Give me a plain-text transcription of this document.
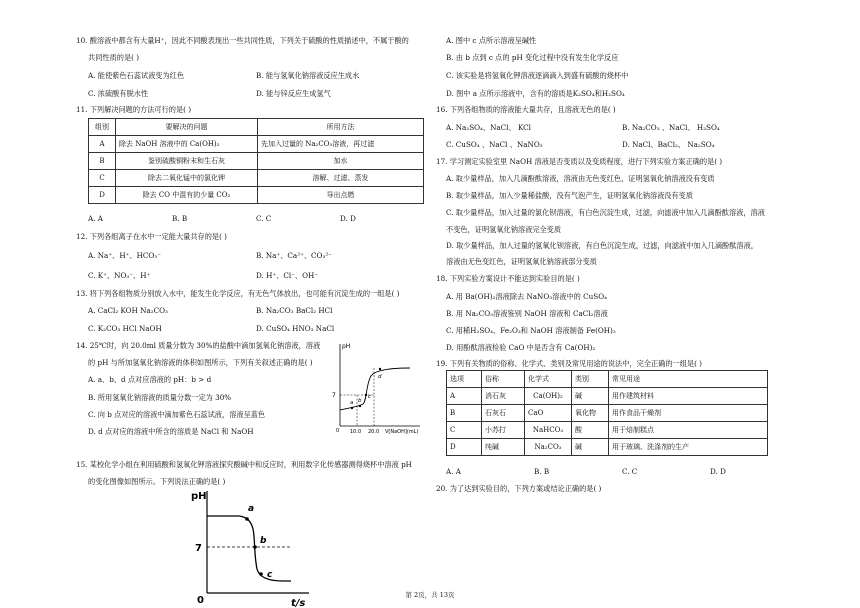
10. 酸溶液中都含有大量H⁺，因此不同酸表现出一些共同性质，下列关于硫酸的性质描述中，不属于酸的
共同性质的是( )
A. 能使紫色石蕊试液变为红色	B. 能与氢氧化钠溶液反应生成水
C. 浓硫酸有脱水性	D. 能与锌反应生成氢气
11. 下列解决问题的方法可行的是( )
组别	要解决的问题	所用方法
A	除去 NaOH 溶液中的 Ca(OH)₂	先加入过量的 Na₂CO₃溶液，再过滤
B	鉴别硫酸铜粉末和生石灰	加水
C	除去二氧化锰中的氯化钾	溶解、过滤、蒸发
D	除去 CO 中混有的少量 CO₂	导出点燃
A. A	B. B	C. C	D. D
12. 下列各组离子在水中一定能大量共存的是( )
A. Na⁺、H⁺、HCO₃⁻	B. Na⁺、Ca²⁺、CO₃²⁻
C. K⁺、NO₃⁻、H⁺	D. H⁺、Cl⁻、OH⁻
13. 将下列各组物质分别放入水中，能发生化学反应，有无色气体放出，也可能有沉淀生成的一组是( )
A. CaCl₂ KOH Na₂CO₃	B. Na₂CO₃ BaCl₂ HCl
C. K₂CO₃ HCl NaOH	D. CuSO₄ HNO₃ NaCl
14. 25℃时，向 20.0ml 质量分数为 30%的盐酸中滴加氢氧化钠溶液，溶液
的 pH 与所加氢氧化钠溶液的体积如图所示，下列有关叙述正确的是( )
A. a、b、d 点对应溶液的 pH：b > d
B. 所用氢氧化钠溶液的质量分数一定为 30%
C. 向 b 点对应的溶液中滴加紫色石蕊试液，溶液呈蓝色
D. d 点对应的溶液中所含的溶质是 NaCl 和 NaOH
pH
7
a b
c
d
0 10.0 20.0 V[NaOH](mL)
15. 某校化学小组在利用硫酸和氢氧化钾溶液探究酸碱中和反应时，利用数字化传感器测得烧杯中溶液 pH
的变化图像如图所示。下列说法正确的是( )
pH
7
0	t/s
a
b
c
A. 图中 c 点所示溶液呈碱性
B. 由 b 点到 c 点的 pH 变化过程中没有发生化学反应
C. 该实验是将氢氧化钾溶液逐滴滴入到盛有硫酸的烧杯中
D. 图中 a 点所示溶液中，含有的溶质是K₂SO₄和H₂SO₄
16. 下列各组物质的溶液能大量共存，且溶液无色的是( )
A. Na₂SO₄、NaCl、 KCl	B. Na₂CO₃ 、NaCl、 H₂SO₄
C. CuSO₄ 、NaCl 、NaNO₃	D. NaCl、BaCl₂、 Na₂SO₄
17. 学习测定实验室里 NaOH 溶液是否变质以及变质程度，进行下列实验方案正确的是( )
A. 取少量样品，加入几滴酚酞溶液，溶液由无色变红色，证明氢氧化钠溶液没有变质
B. 取少量样品，加入少量稀盐酸，没有气泡产生，证明氢氧化钠溶液没有变质
C. 取少量样品，加入过量的氯化钡溶液，有白色沉淀生成，过滤，向滤液中加入几滴酚酞溶液，溶液
不变色，证明氢氧化钠溶液完全变质
D. 取少量样品，加入过量的氢氧化钡溶液，有白色沉淀生成，过滤，向滤液中加入几滴酚酞溶液，
溶液由无色变红色，证明氢氧化钠溶液部分变质
18. 下列实验方案设计不能达到实验目的是( )
A. 用 Ba(OH)₂溶液除去 NaNO₃溶液中的 CuSO₄
B. 用 Na₂CO₃溶液鉴别 NaOH 溶液和 CaCl₂溶液
C. 用稀H₂SO₄、Fe₂O₃和 NaOH 溶液制备 Fe(OH)₃
D. 用酚酞溶液检验 CaO 中是否含有 Ca(OH)₂
19. 下列有关物质的俗称、化学式、类别及常见用途的说法中，完全正确的一组是( )
选项	俗称	化学式	类别	常见用途
A	消石灰	Ca(OH)₂	碱	用作建筑材料
B	石灰石	CaO	氧化物	用作食品干燥剂
C	小苏打	NaHCO₃	酸	用于焙制糕点
D	纯碱	Na₂CO₃	碱	用于玻璃、洗涤剂的生产
A. A	B. B	C. C	D. D
20. 为了达到实验目的，下列方案或结论正确的是( )
第 2页，共 13页
